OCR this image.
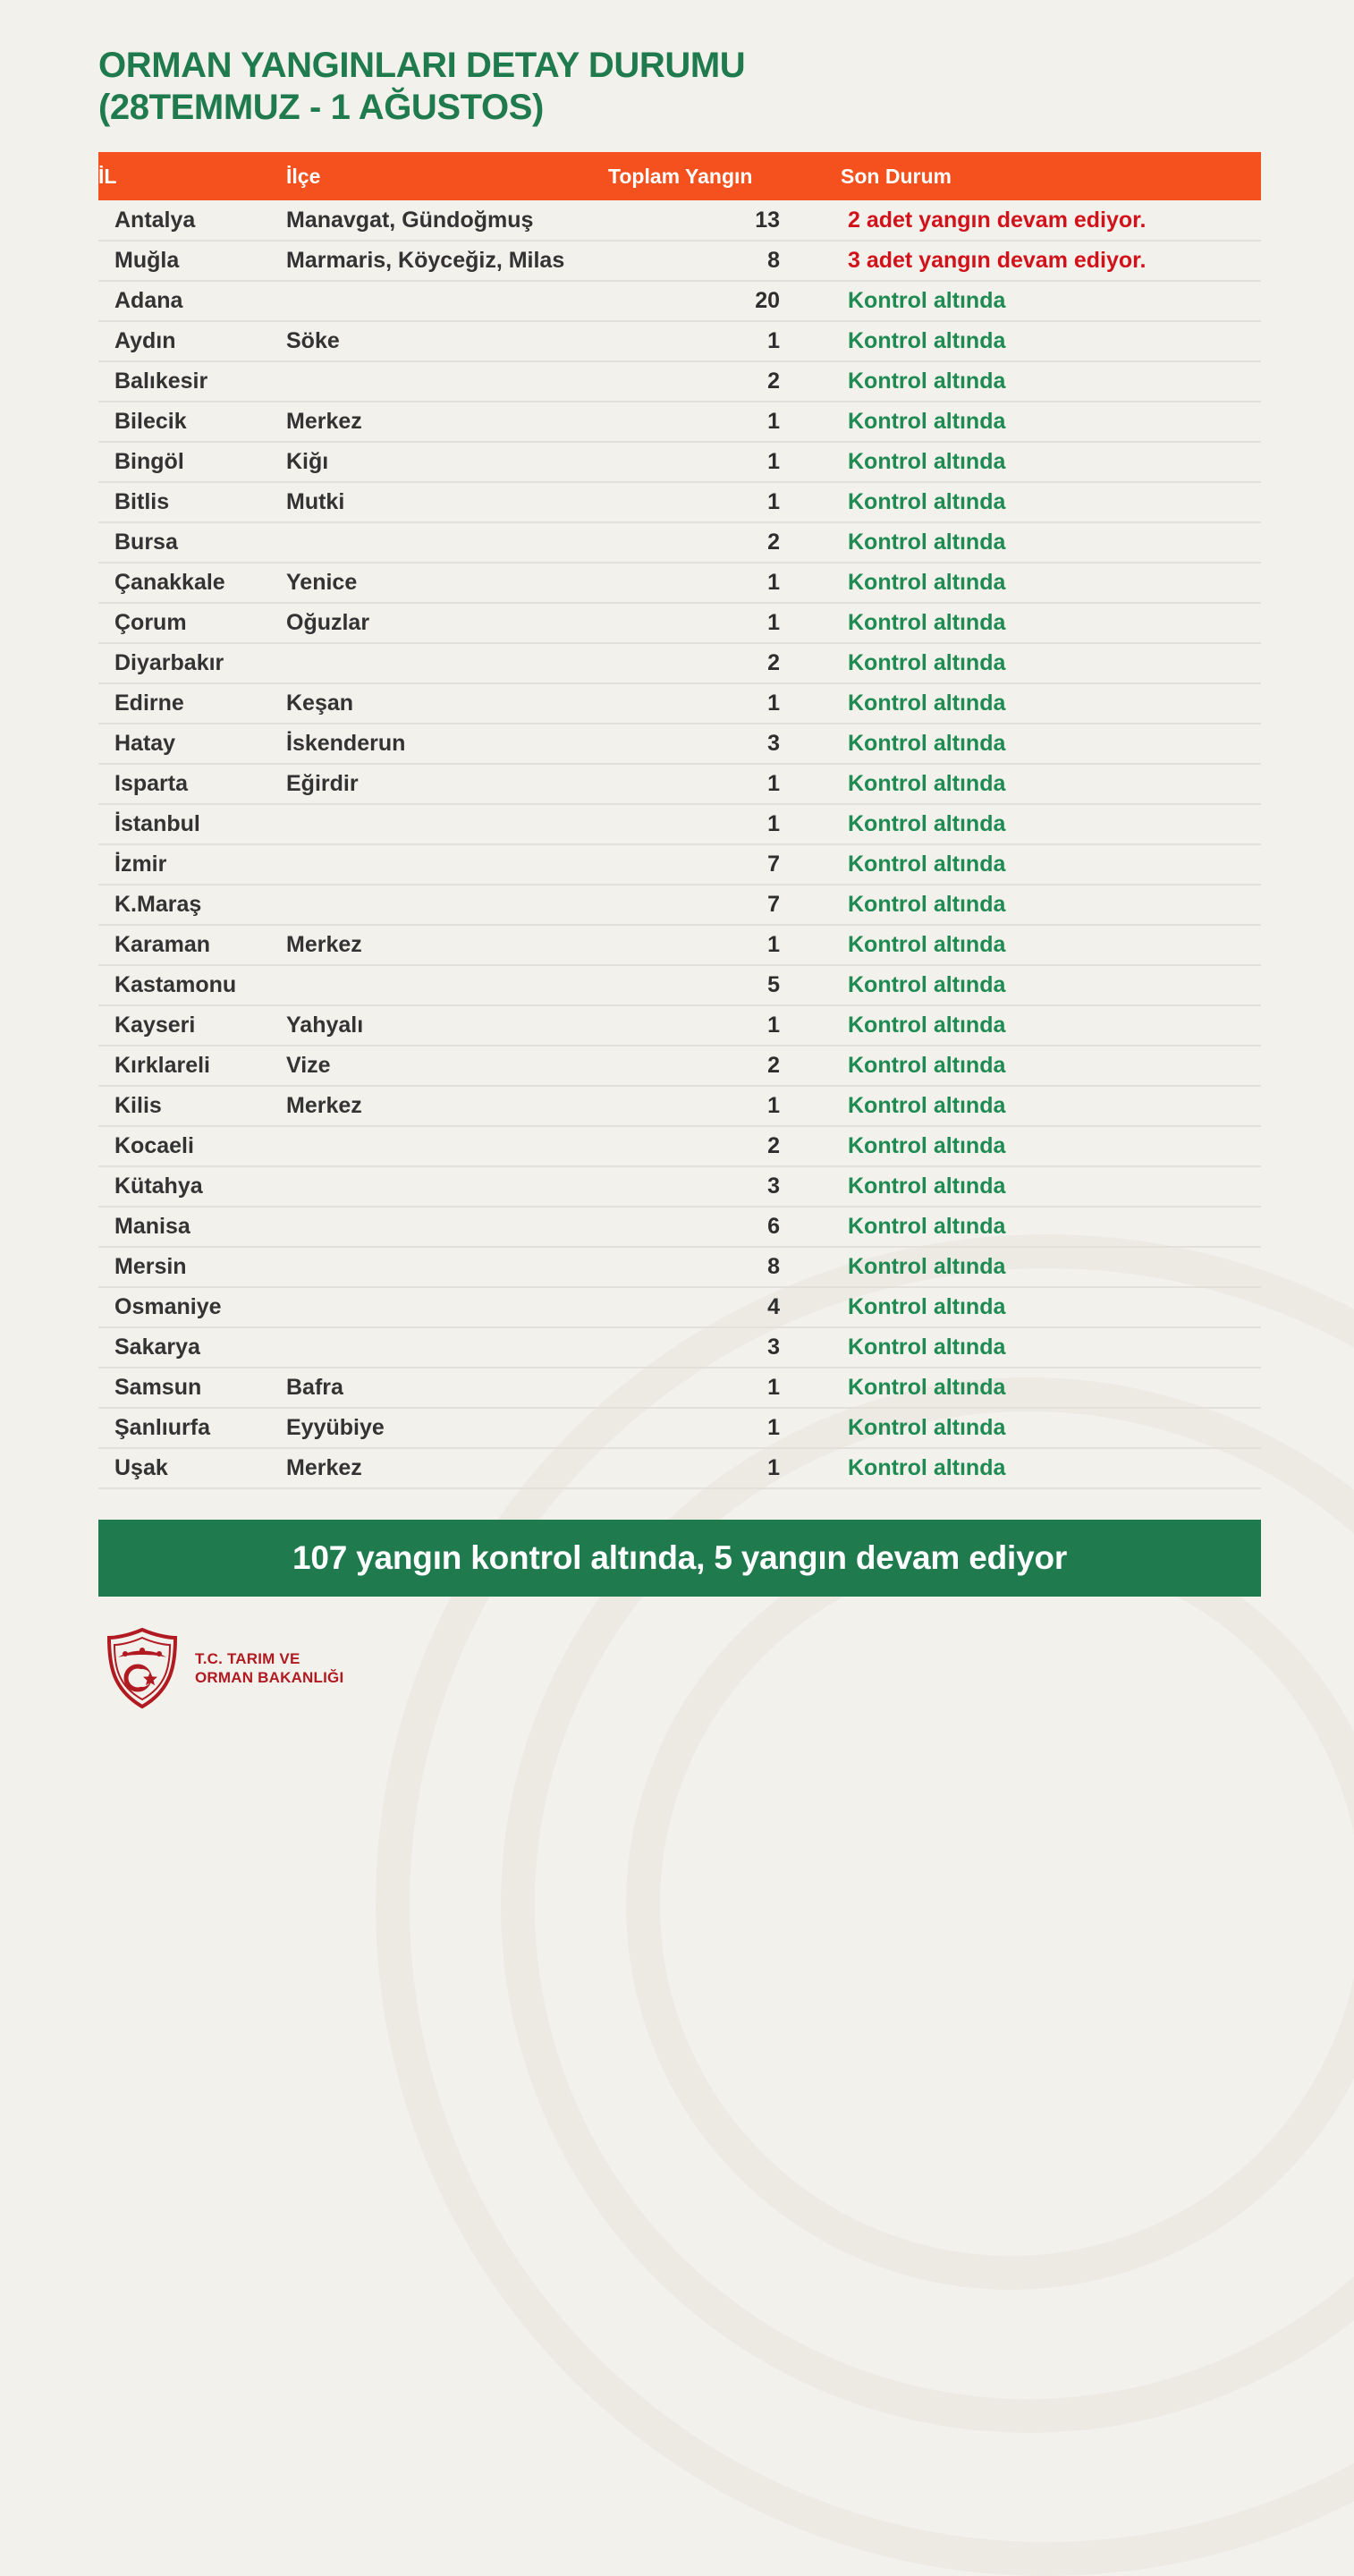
ORMAN YANGINLARI DETAY DURUMU
(28TEMMUZ - 1 AĞUSTOS)
İL	İlçe	Toplam Yangın	Son Durum
Antalya	Manavgat, Gündoğmuş	13	2 adet yangın devam ediyor.
Muğla	Marmaris, Köyceğiz, Milas	8	3 adet yangın devam ediyor.
Adana		20	Kontrol altında
Aydın	Söke	1	Kontrol altında
Balıkesir		2	Kontrol altında
Bilecik	Merkez	1	Kontrol altında
Bingöl	Kiğı	1	Kontrol altında
Bitlis	Mutki	1	Kontrol altında
Bursa		2	Kontrol altında
Çanakkale	Yenice	1	Kontrol altında
Çorum	Oğuzlar	1	Kontrol altında
Diyarbakır		2	Kontrol altında
Edirne	Keşan	1	Kontrol altında
Hatay	İskenderun	3	Kontrol altında
Isparta	Eğirdir	1	Kontrol altında
İstanbul		1	Kontrol altında
İzmir		7	Kontrol altında
K.Maraş		7	Kontrol altında
Karaman	Merkez	1	Kontrol altında
Kastamonu		5	Kontrol altında
Kayseri	Yahyalı	1	Kontrol altında
Kırklareli	Vize	2	Kontrol altında
Kilis	Merkez	1	Kontrol altında
Kocaeli		2	Kontrol altında
Kütahya		3	Kontrol altında
Manisa		6	Kontrol altında
Mersin		8	Kontrol altında
Osmaniye		4	Kontrol altında
Sakarya		3	Kontrol altında
Samsun	Bafra	1	Kontrol altında
Şanlıurfa	Eyyübiye	1	Kontrol altında
Uşak	Merkez	1	Kontrol altında
107 yangın kontrol altında, 5 yangın devam ediyor
T.C. TARIM VE
ORMAN BAKANLIĞI
